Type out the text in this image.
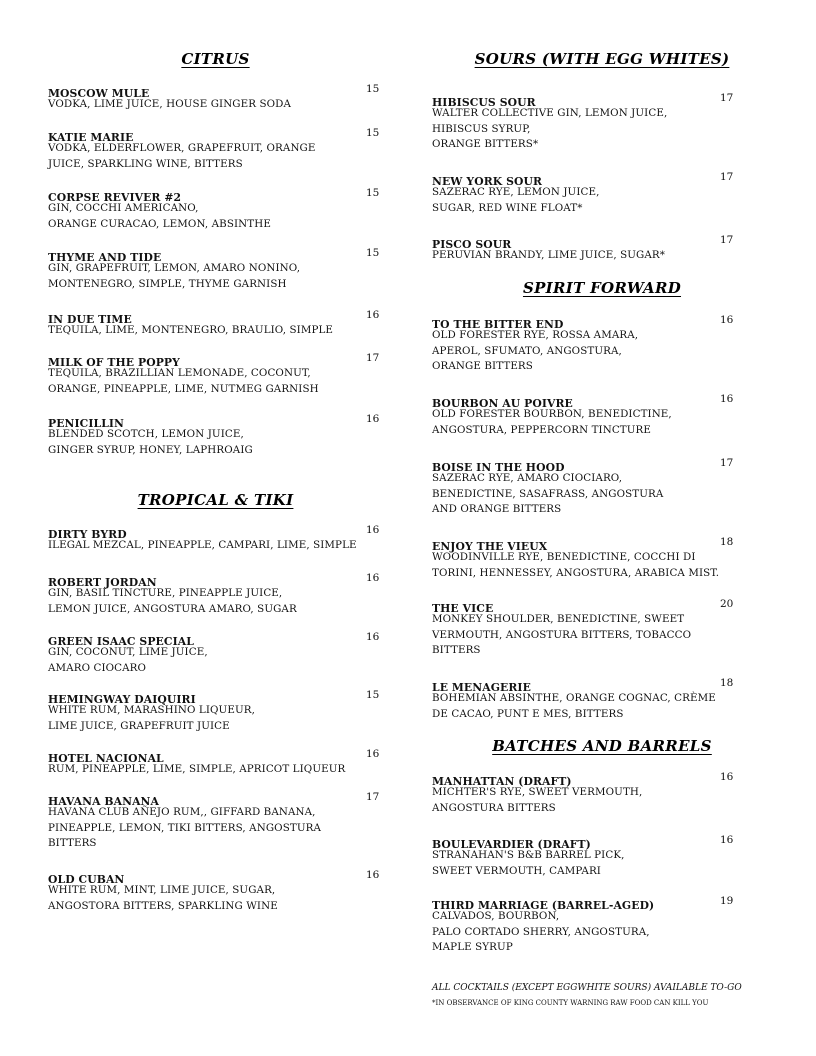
CITRUS
MOSCOW MULE	15
VODKA, LIME JUICE, HOUSE GINGER SODA
KATIE MARIE	15
VODKA, ELDERFLOWER, GRAPEFRUIT, ORANGE
JUICE, SPARKLING WINE, BITTERS
CORPSE REVIVER #2	15
GIN, COCCHI AMERICANO,
ORANGE CURACAO, LEMON, ABSINTHE
THYME AND TIDE	15
GIN, GRAPEFRUIT, LEMON, AMARO NONINO,
MONTENEGRO, SIMPLE, THYME GARNISH
IN DUE TIME	16
TEQUILA, LIME, MONTENEGRO, BRAULIO, SIMPLE
MILK OF THE POPPY	17
TEQUILA, BRAZILLIAN LEMONADE, COCONUT,
ORANGE, PINEAPPLE, LIME, NUTMEG GARNISH
PENICILLIN	16
BLENDED SCOTCH, LEMON JUICE,
GINGER SYRUP, HONEY, LAPHROAIG
TROPICAL & TIKI
DIRTY BYRD	16
ILEGAL MEZCAL, PINEAPPLE, CAMPARI, LIME, SIMPLE
ROBERT JORDAN	16
GIN, BASIL TINCTURE, PINEAPPLE JUICE,
LEMON JUICE, ANGOSTURA AMARO, SUGAR
GREEN ISAAC SPECIAL	16
GIN, COCONUT, LIME JUICE,
AMARO CIOCARO
HEMINGWAY DAIQUIRI	15
WHITE RUM, MARASHINO LIQUEUR,
LIME JUICE, GRAPEFRUIT JUICE
HOTEL NACIONAL	16
RUM, PINEAPPLE, LIME, SIMPLE, APRICOT LIQUEUR
HAVANA BANANA	17
HAVANA CLUB AÑEJO RUM,, GIFFARD BANANA,
PINEAPPLE, LEMON, TIKI BITTERS, ANGOSTURA
BITTERS
OLD CUBAN	16
WHITE RUM, MINT, LIME JUICE, SUGAR,
ANGOSTORA BITTERS, SPARKLING WINE
SOURS (WITH EGG WHITES)
HIBISCUS SOUR	17
WALTER COLLECTIVE GIN, LEMON JUICE,
HIBISCUS SYRUP,
ORANGE BITTERS*
NEW YORK SOUR	17
SAZERAC RYE, LEMON JUICE,
SUGAR, RED WINE FLOAT*
PISCO SOUR	17
PERUVIAN BRANDY, LIME JUICE, SUGAR*
SPIRIT FORWARD
TO THE BITTER END	16
OLD FORESTER RYE, ROSSA AMARA,
APEROL, SFUMATO, ANGOSTURA,
ORANGE BITTERS
BOURBON AU POIVRE	16
OLD FORESTER BOURBON, BENEDICTINE,
ANGOSTURA, PEPPERCORN TINCTURE
BOISE IN THE HOOD	17
SAZERAC RYE, AMARO CIOCIARO,
BENEDICTINE, SASAFRASS, ANGOSTURA
AND ORANGE BITTERS
ENJOY THE VIEUX	18
WOODINVILLE RYE, BENEDICTINE, COCCHI DI
TORINI, HENNESSEY, ANGOSTURA, ARABICA MIST.
THE VICE	20
MONKEY SHOULDER, BENEDICTINE, SWEET
VERMOUTH, ANGOSTURA BITTERS, TOBACCO
BITTERS
LE MENAGERIE	18
BOHEMIAN ABSINTHE, ORANGE COGNAC, CRÈME
DE CACAO, PUNT E MES, BITTERS
BATCHES AND BARRELS
MANHATTAN (DRAFT)	16
MICHTER'S RYE, SWEET VERMOUTH,
ANGOSTURA BITTERS
BOULEVARDIER (DRAFT)	16
STRANAHAN'S B&B BARREL PICK,
SWEET VERMOUTH, CAMPARI
THIRD MARRIAGE (BARREL-AGED)	19
CALVADOS, BOURBON,
PALO CORTADO SHERRY, ANGOSTURA,
MAPLE SYRUP
ALL COCKTAILS (EXCEPT EGGWHITE SOURS) AVAILABLE TO-GO
*IN OBSERVANCE OF KING COUNTY WARNING RAW FOOD CAN KILL YOU
